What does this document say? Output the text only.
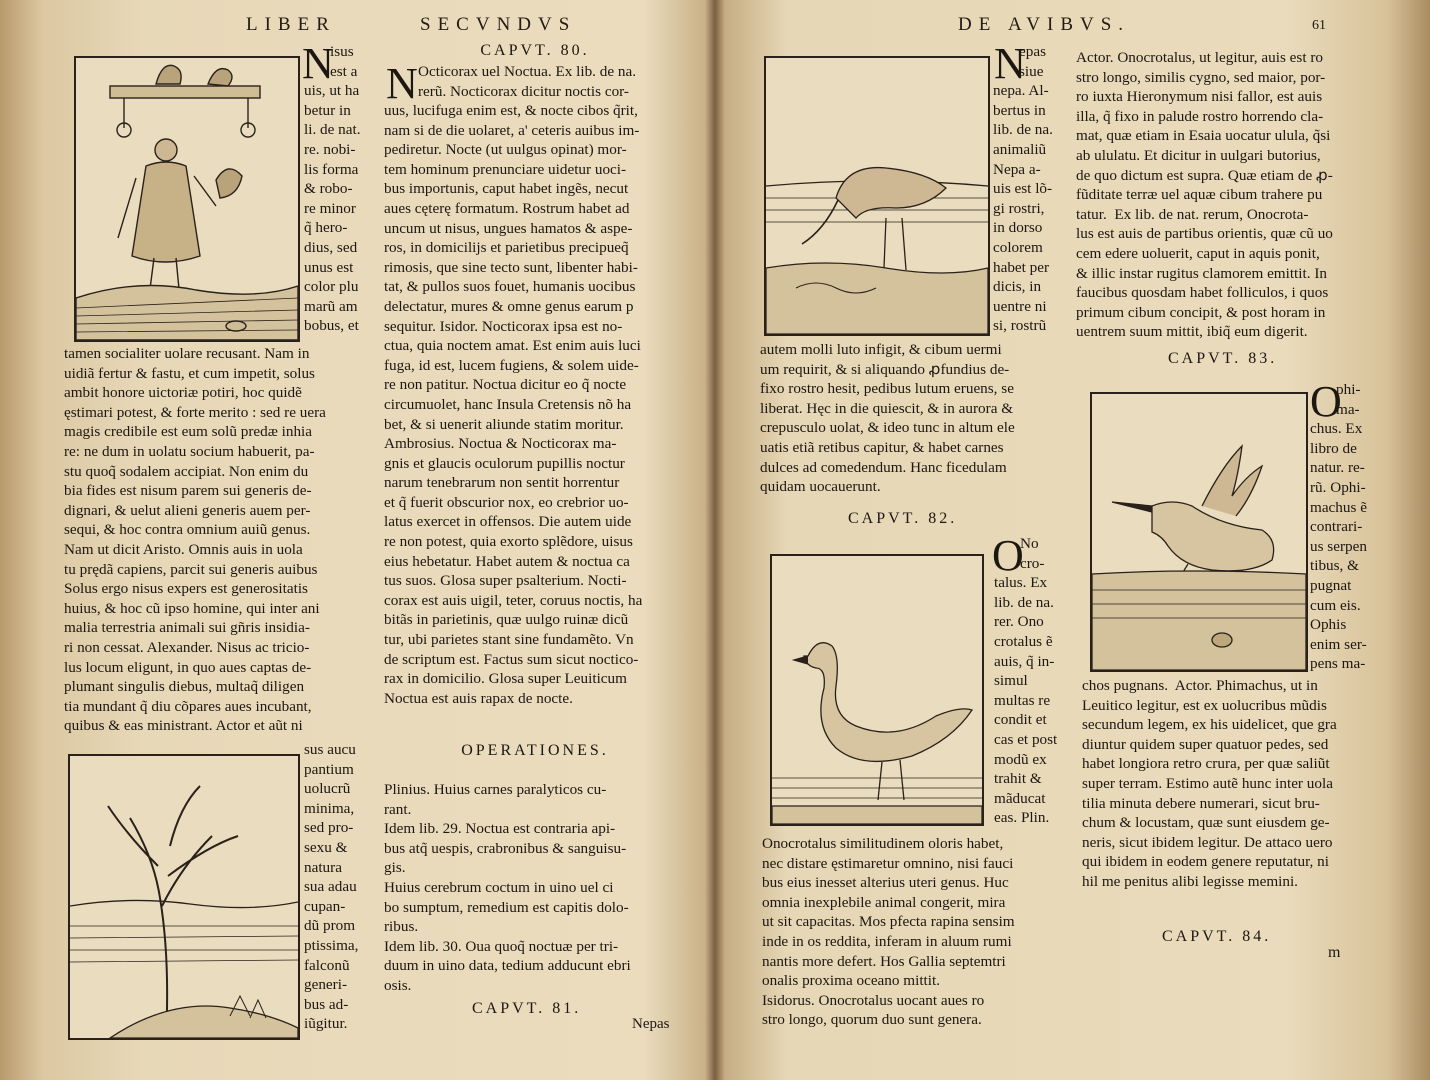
LIBER	SECVNDVS
N
isus
est a
uis, ut ha
betur in
li. de nat.
re. nobi-
lis forma
& robo-
re minor
q̃ hero-
dius, sed
unus est
color plu
marũ am
bobus, et
tamen socialiter uolare recusant. Nam in
uidiã fertur & fastu, et cum impetit, solus
ambit honore uictoriæ potiri, hoc quidẽ
ęstimari potest, & forte merito : sed re uera
magis credibile est eum solũ predæ inhia
re: ne dum in uolatu socium habuerit, pa-
stu quoq̃ sodalem accipiat. Non enim du
bia fides est nisum parem sui generis de-
dignari, & uelut alieni generis auem per-
sequi, & hoc contra omnium auiũ genus.
Nam ut dicit Aristo. Omnis auis in uola
tu prędã capiens, parcit sui generis auibus
Solus ergo nisus expers est generositatis
huius, & hoc cũ ipso homine, qui inter ani
malia terrestria animali sui gñris insidia-
ri non cessat. Alexander. Nisus ac tricio-
lus locum eligunt, in quo aues captas de-
plumant singulis diebus, multaq̃ diligen
tia mundant q̃ diu cõpares aues incubant,
quibus & eas ministrant. Actor et aũt ni
sus aucu
pantium
uolucrũ
minima,
sed pro-
sexu &
natura
sua adau
cupan-
dũ prom
ptissima,
falconũ
generi-
bus ad-
iũgitur.
CAPVT. 80.
N Octicorax uel Noctua. Ex lib. de na.
rerũ. Nocticorax dicitur noctis cor-
uus, lucifuga enim est, & nocte cibos q̃rit,
nam si de die uolaret, a' ceteris auibus im-
pediretur. Nocte (ut uulgus opinat) mor-
tem hominum prenunciare uidetur uoci-
bus importunis, caput habet ingẽs, necut
aues cęterę formatum. Rostrum habet ad
uncum ut nisus, ungues hamatos & aspe-
ros, in domicilijs et parietibus precipueq̃
rimosis, que sine tecto sunt, libenter habi-
tat, & pullos suos fouet, humanis uocibus
delectatur, mures & omne genus earum p
sequitur. Isidor. Nocticorax ipsa est no-
ctua, quia noctem amat. Est enim auis luci
fuga, id est, lucem fugiens, & solem uide-
re non patitur. Noctua dicitur eo q̃ nocte
circumuolet, hanc Insula Cretensis nõ ha
bet, & si uenerit aliunde statim moritur.
Ambrosius. Noctua & Nocticorax ma-
gnis et glaucis oculorum pupillis noctur
narum tenebrarum non sentit horrentur
et q̃ fuerit obscurior nox, eo crebrior uo-
latus exercet in offensos. Die autem uide
re non potest, quia exorto splẽdore, uisus
eius hebetatur. Habet autem & noctua ca
tus suos. Glosa super psalterium. Nocti-
corax est auis uigil, teter, coruus noctis, ha
bitãs in parietinis, quæ uulgo ruinæ dicũ
tur, ubi parietes stant sine fundamẽto. Vn
de scriptum est. Factus sum sicut noctico-
rax in domicilio. Glosa super Leuiticum
Noctua est auis rapax de nocte.
OPERATIONES.
Plinius. Huius carnes paralyticos cu-
rant.
Idem lib. 29. Noctua est contraria api-
bus atq̃ uespis, crabronibus & sanguisu-
gis.
Huius cerebrum coctum in uino uel ci
bo sumptum, remedium est capitis dolo-
ribus.
Idem lib. 30. Oua quoq̃ noctuæ per tri-
duum in uino data, tedium adducunt ebri
osis.
CAPVT. 81.
Nepas
DE AVIBVS.	61
N
epas
siue
nepa. Al-
bertus in
lib. de na.
animaliũ
Nepa a-
uis est lõ-
gi rostri,
in dorso
colorem
habet per
dicis, in
uentre ni
si, rostrũ
autem molli luto infigit, & cibum uermi
um requirit, & si aliquando ꝓfundius de-
fixo rostro hesit, pedibus lutum eruens, se
liberat. Hęc in die quiescit, & in aurora &
crepusculo uolat, & ideo tunc in altum ele
uatis etiã retibus capitur, & habet carnes
dulces ad comedendum. Hanc ficedulam
quidam uocauerunt.
CAPVT. 82.
O
No
cro-
talus. Ex
lib. de na.
rer. Ono
crotalus ẽ
auis, q̃ in-
simul
multas re
condit et
cas et post
modũ ex
trahit &
mãducat
eas. Plin.
Onocrotalus similitudinem oloris habet,
nec distare ęstimaretur omnino, nisi fauci
bus eius inesset alterius uteri genus. Huc
omnia inexplebile animal congerit, mira
ut sit capacitas. Mos pfecta rapina sensim
inde in os reddita, inferam in aluum rumi
nantis more defert. Hos Gallia septemtri
onalis proxima oceano mittit.
Isidorus. Onocrotalus uocant aues ro
stro longo, quorum duo sunt genera.
Actor. Onocrotalus, ut legitur, auis est ro
stro longo, similis cygno, sed maior, por-
ro iuxta Hieronymum nisi fallor, est auis
illa, q̃ fixo in palude rostro horrendo cla-
mat, quæ etiam in Esaia uocatur ulula, q̃si
ab ululatu. Et dicitur in uulgari butorius,
de quo dictum est supra. Quæ etiam de ꝓ-
fũditate terræ uel aquæ cibum trahere pu
tatur.  Ex lib. de nat. rerum, Onocrota-
lus est auis de partibus orientis, quæ cũ uo
cem edere uoluerit, caput in aquis ponit,
& illic instar rugitus clamorem emittit. In
faucibus quosdam habet folliculos, i quos
primum cibum concipit, & post horam in
uentrem suum mittit, ibiq̃ eum digerit.
CAPVT. 83.
O
phi-
ma-
chus. Ex
libro de
natur. re-
rũ. Ophi-
machus ẽ
contrari-
us serpen
tibus, &
pugnat
cum eis.
Ophis
enim ser-
pens ma-
chos pugnans.  Actor. Phimachus, ut in
Leuitico legitur, est ex uolucribus mũdis
secundum legem, ex his uidelicet, que gra
diuntur quidem super quatuor pedes, sed
habet longiora retro crura, per quæ saliũt
super terram. Estimo autẽ hunc inter uola
tilia minuta debere numerari, sicut bru-
chum & locustam, quæ sunt eiusdem ge-
neris, sicut ibidem legitur. De attaco uero
qui ibidem in eodem genere reputatur, ni
hil me penitus alibi legisse memini.
CAPVT. 84.
m
